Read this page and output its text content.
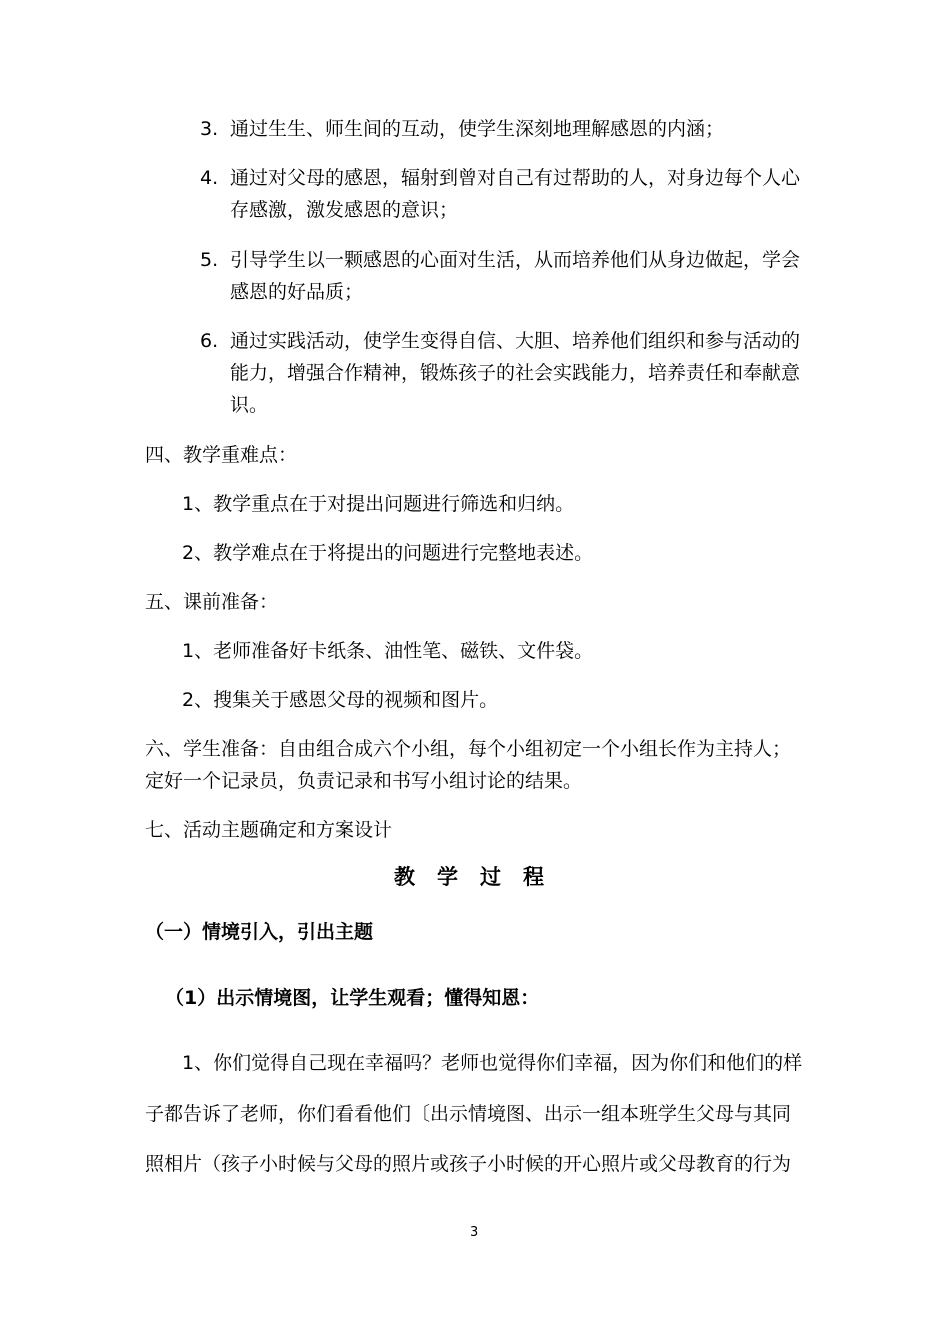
3. 通过生生、师生间的互动，使学生深刻地理解感恩的内涵；
4. 通过对父母的感恩，辐射到曾对自己有过帮助的人，对身边每个人心
存感激，激发感恩的意识；
5. 引导学生以一颗感恩的心面对生活，从而培养他们从身边做起，学会
感恩的好品质；
6. 通过实践活动，使学生变得自信、大胆、培养他们组织和参与活动的
能力，增强合作精神，锻炼孩子的社会实践能力，培养责任和奉献意
识。
四、教学重难点：
1、教学重点在于对提出问题进行筛选和归纳。
2、教学难点在于将提出的问题进行完整地表述。
五、课前准备：
1、老师准备好卡纸条、油性笔、磁铁、文件袋。
2、搜集关于感恩父母的视频和图片。
六、学生准备：自由组合成六个小组，每个小组初定一个小组长作为主持人；
定好一个记录员，负责记录和书写小组讨论的结果。
七、活动主题确定和方案设计
教学过程
（一）情境引入，引出主题
（1）出示情境图，让学生观看；懂得知恩：
1、你们觉得自己现在幸福吗？老师也觉得你们幸福，因为你们和他们的样
子都告诉了老师，你们看看他们〔出示情境图、出示一组本班学生父母与其同
照相片（孩子小时候与父母的照片或孩子小时候的开心照片或父母教育的行为
3
